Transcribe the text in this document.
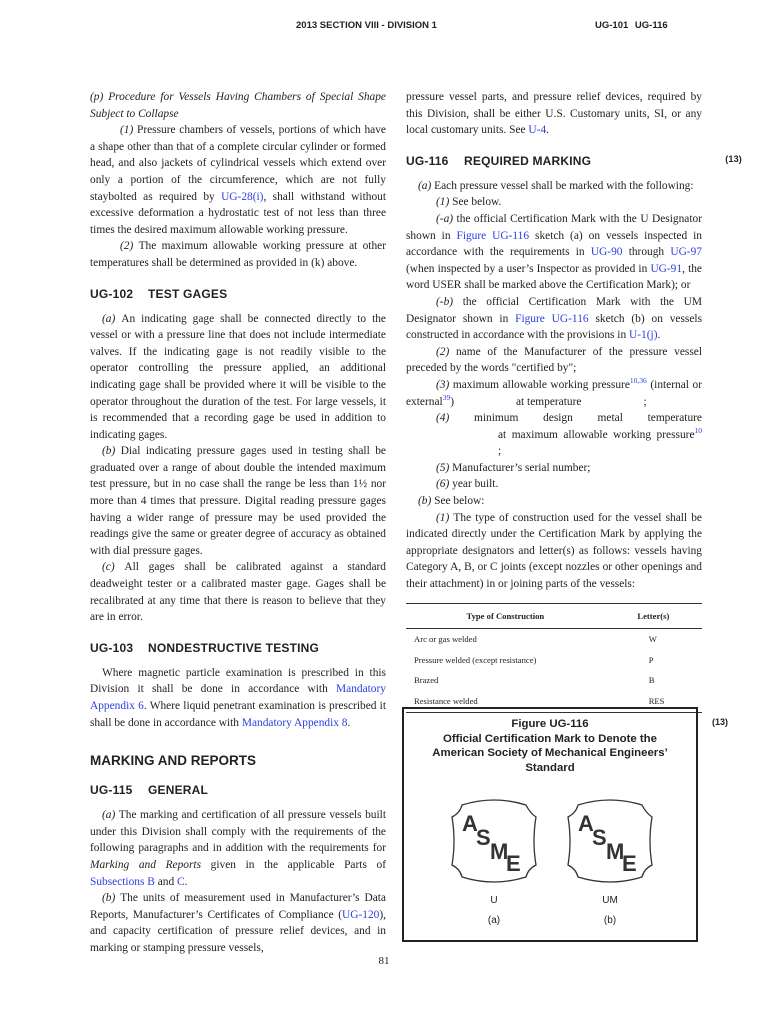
2013 SECTION VIII - DIVISION 1	UG-101 UG-116

(p) Procedure for Vessels Having Chambers of Special Shape Subject to Collapse

(1) Pressure chambers of vessels, portions of which have a shape other than that of a complete circular cylinder or formed head, and also jackets of cylindrical vessels which extend over only a portion of the circumference, which are not fully staybolted as required by UG-28(i), shall withstand without excessive deformation a hydrostatic test of not less than three times the desired maximum allowable working pressure.

(2) The maximum allowable working pressure at other temperatures shall be determined as provided in (k) above.

UG-102 TEST GAGES

(a) An indicating gage shall be connected directly to the vessel or with a pressure line that does not include intermediate valves. If the indicating gage is not readily visible to the operator controlling the pressure applied, an additional indicating gage shall be provided where it will be visible to the operator throughout the duration of the test. For large vessels, it is recommended that a recording gage be used in addition to indicating gages.

(b) Dial indicating pressure gages used in testing shall be graduated over a range of about double the intended maximum test pressure, but in no case shall the range be less than 1½ nor more than 4 times that pressure. Digital reading pressure gages having a wider range of pressure may be used provided the readings give the same or greater degree of accuracy as obtained with dial pressure gages.

(c) All gages shall be calibrated against a standard deadweight tester or a calibrated master gage. Gages shall be recalibrated at any time that there is reason to believe that they are in error.

UG-103 NONDESTRUCTIVE TESTING

Where magnetic particle examination is prescribed in this Division it shall be done in accordance with Mandatory Appendix 6. Where liquid penetrant examination is prescribed it shall be done in accordance with Mandatory Appendix 8.

MARKING AND REPORTS
UG-115 GENERAL

(a) The marking and certification of all pressure vessels built under this Division shall comply with the requirements of the following paragraphs and in addition with the requirements for Marking and Reports given in the applicable Parts of Subsections B and C.

(b) The units of measurement used in Manufacturer’s Data Reports, Manufacturer’s Certificates of Compliance (UG-120), and capacity certification of pressure relief devices, and in marking or stamping pressure vessels,

pressure vessel parts, and pressure relief devices, required by this Division, shall be either U.S. Customary units, SI, or any local customary units. See U-4.

UG-116 REQUIRED MARKING	(13)

(a) Each pressure vessel shall be marked with the following:

(1) See below.

(-a) the official Certification Mark with the U Designator shown in Figure UG-116 sketch (a) on vessels inspected in accordance with the requirements in UG-90 through UG-97 (when inspected by a user’s Inspector as provided in UG-91, the word USER shall be marked above the Certification Mark); or

(-b) the official Certification Mark with the UM Designator shown in Figure UG-116 sketch (b) on vessels constructed in accordance with the provisions in U-1(j).

(2) name of the Manufacturer of the pressure vessel preceded by the words "certified by";

(3) maximum allowable working pressure$^{10,36}$ (internal or external$^{39}$)	at temperature	;

(4) minimum design metal temperatureat maximum allowable working pressure$^{10}$;

(5) Manufacturer’s serial number;

(6) year built.

(b) See below:

(1) The type of construction used for the vessel shall be indicated directly under the Certification Mark by applying the appropriate designators and letter(s) as follows: vessels having Category A, B, or C joints (except nozzles or other openings and their attachment) in or joining parts of the vessels:

Type of Construction	Letter(s)
Arc or gas welded	W
Pressure welded (except resistance)	P
Brazed	B
Resistance welded	RES
Figure UG-116
Official Certification Mark to Denote the American Society of Mechanical Engineers’ Standard
(13)
A
S
M
E
U
(a)
A
S
M
E
UM
(b)
81
